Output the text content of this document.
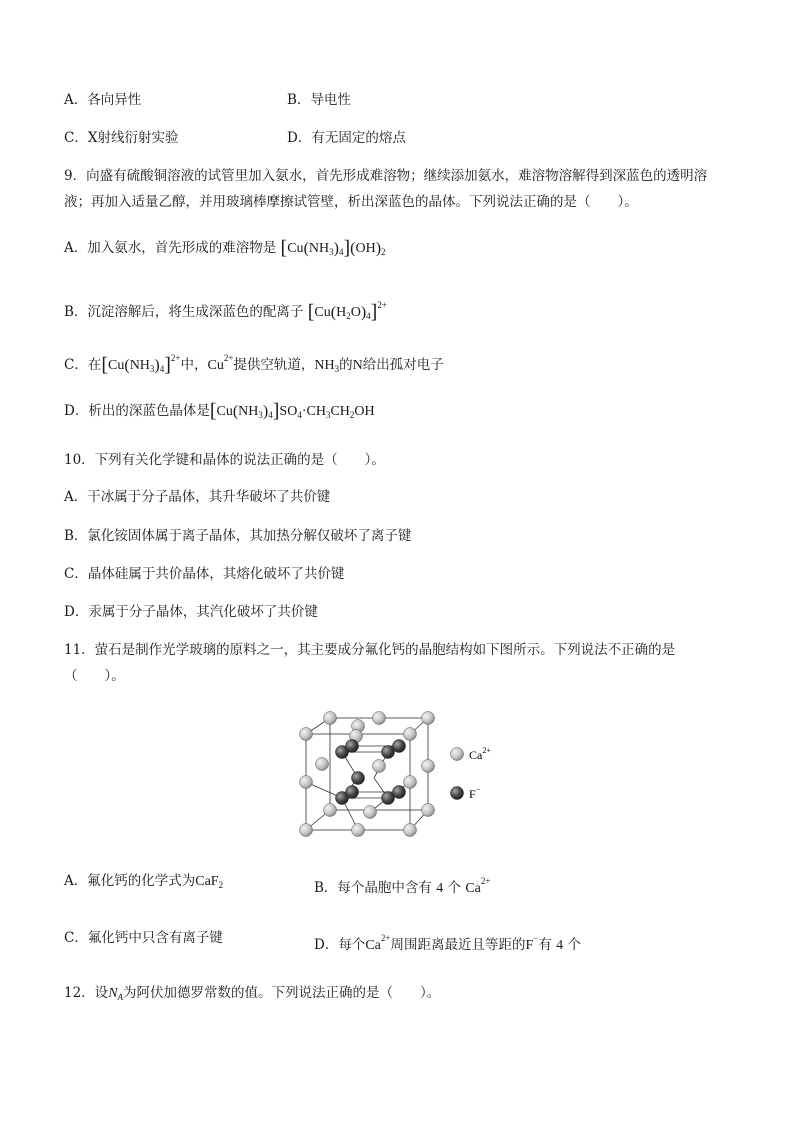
A．各向异性	B．导电性
C．X射线衍射实验	D．有无固定的熔点
9．向盛有硫酸铜溶液的试管里加入氨水，首先形成难溶物；继续添加氨水，难溶物溶解得到深蓝色的透明溶
液；再加入适量乙醇，并用玻璃棒摩擦试管壁，析出深蓝色的晶体。下列说法正确的是（　　）。
A．加入氨水，首先形成的难溶物是 $[Cu(NH_3)_4](OH)_2$
B．沉淀溶解后，将生成深蓝色的配离子 $[Cu(H_2O)_4]^{2+}$
C．在$[Cu(NH_3)_4]^{2+}$中，$Cu^{2+}$提供空轨道，$NH_3$的N给出孤对电子
D．析出的深蓝色晶体是$[Cu(NH_3)_4]SO_4\cdot CH_3CH_2OH$
10．下列有关化学键和晶体的说法正确的是（　　）。
A．干冰属于分子晶体，其升华破坏了共价键
B．氯化铵固体属于离子晶体，其加热分解仅破坏了离子键
C．晶体硅属于共价晶体，其熔化破坏了共价键
D．汞属于分子晶体，其汽化破坏了共价键
11．萤石是制作光学玻璃的原料之一，其主要成分氟化钙的晶胞结构如下图所示。下列说法不正确的是
（　　）。
$Ca^{2+}$
F−
A．氟化钙的化学式为CaF$_2$	B．每个晶胞中含有 4 个 $Ca^{2+}$
C．氟化钙中只含有离子键	D．每个$Ca^{2+}$周围距离最近且等距的F−有 4 个
12．设$N_A$为阿伏加德罗常数的值。下列说法正确的是（　　）。
